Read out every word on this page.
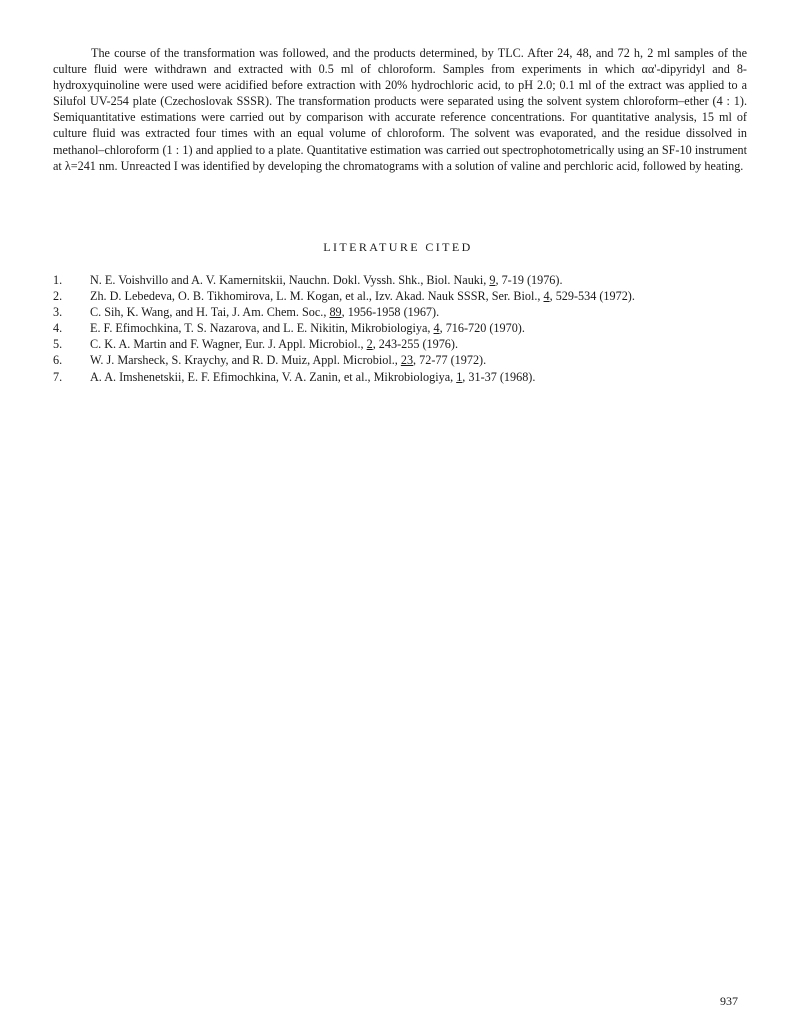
The course of the transformation was followed, and the products determined, by TLC. After 24, 48, and 72 h, 2 ml samples of the culture fluid were withdrawn and extracted with 0.5 ml of chloroform. Samples from experiments in which αα'-dipyridyl and 8-hydroxyquinoline were used were acidified before extraction with 20% hydrochloric acid, to pH 2.0; 0.1 ml of the extract was applied to a Silufol UV-254 plate (Czechoslovak SSSR). The transformation products were separated using the solvent system chloroform–ether (4 : 1). Semiquantitative estimations were carried out by comparison with accurate reference concentrations. For quantitative analysis, 15 ml of culture fluid was extracted four times with an equal volume of chloroform. The solvent was evaporated, and the residue dissolved in methanol–chloroform (1 : 1) and applied to a plate. Quantitative estimation was carried out spectrophotometrically using an SF-10 instrument at λ=241 nm. Unreacted I was identified by developing the chromatograms with a solution of valine and perchloric acid, followed by heating.

LITERATURE CITED
1.	N. E. Voishvillo and A. V. Kamernitskii, Nauchn. Dokl. Vyssh. Shk., Biol. Nauki, 9, 7-19 (1976).
2.	Zh. D. Lebedeva, O. B. Tikhomirova, L. M. Kogan, et al., Izv. Akad. Nauk SSSR, Ser. Biol., 4, 529-534 (1972).
3.	C. Sih, K. Wang, and H. Tai, J. Am. Chem. Soc., 89, 1956-1958 (1967).
4.	E. F. Efimochkina, T. S. Nazarova, and L. E. Nikitin, Mikrobiologiya, 4, 716-720 (1970).
5.	C. K. A. Martin and F. Wagner, Eur. J. Appl. Microbiol., 2, 243-255 (1976).
6.	W. J. Marsheck, S. Kraychy, and R. D. Muiz, Appl. Microbiol., 23, 72-77 (1972).
7.	A. A. Imshenetskii, E. F. Efimochkina, V. A. Zanin, et al., Mikrobiologiya, 1, 31-37 (1968).
937
